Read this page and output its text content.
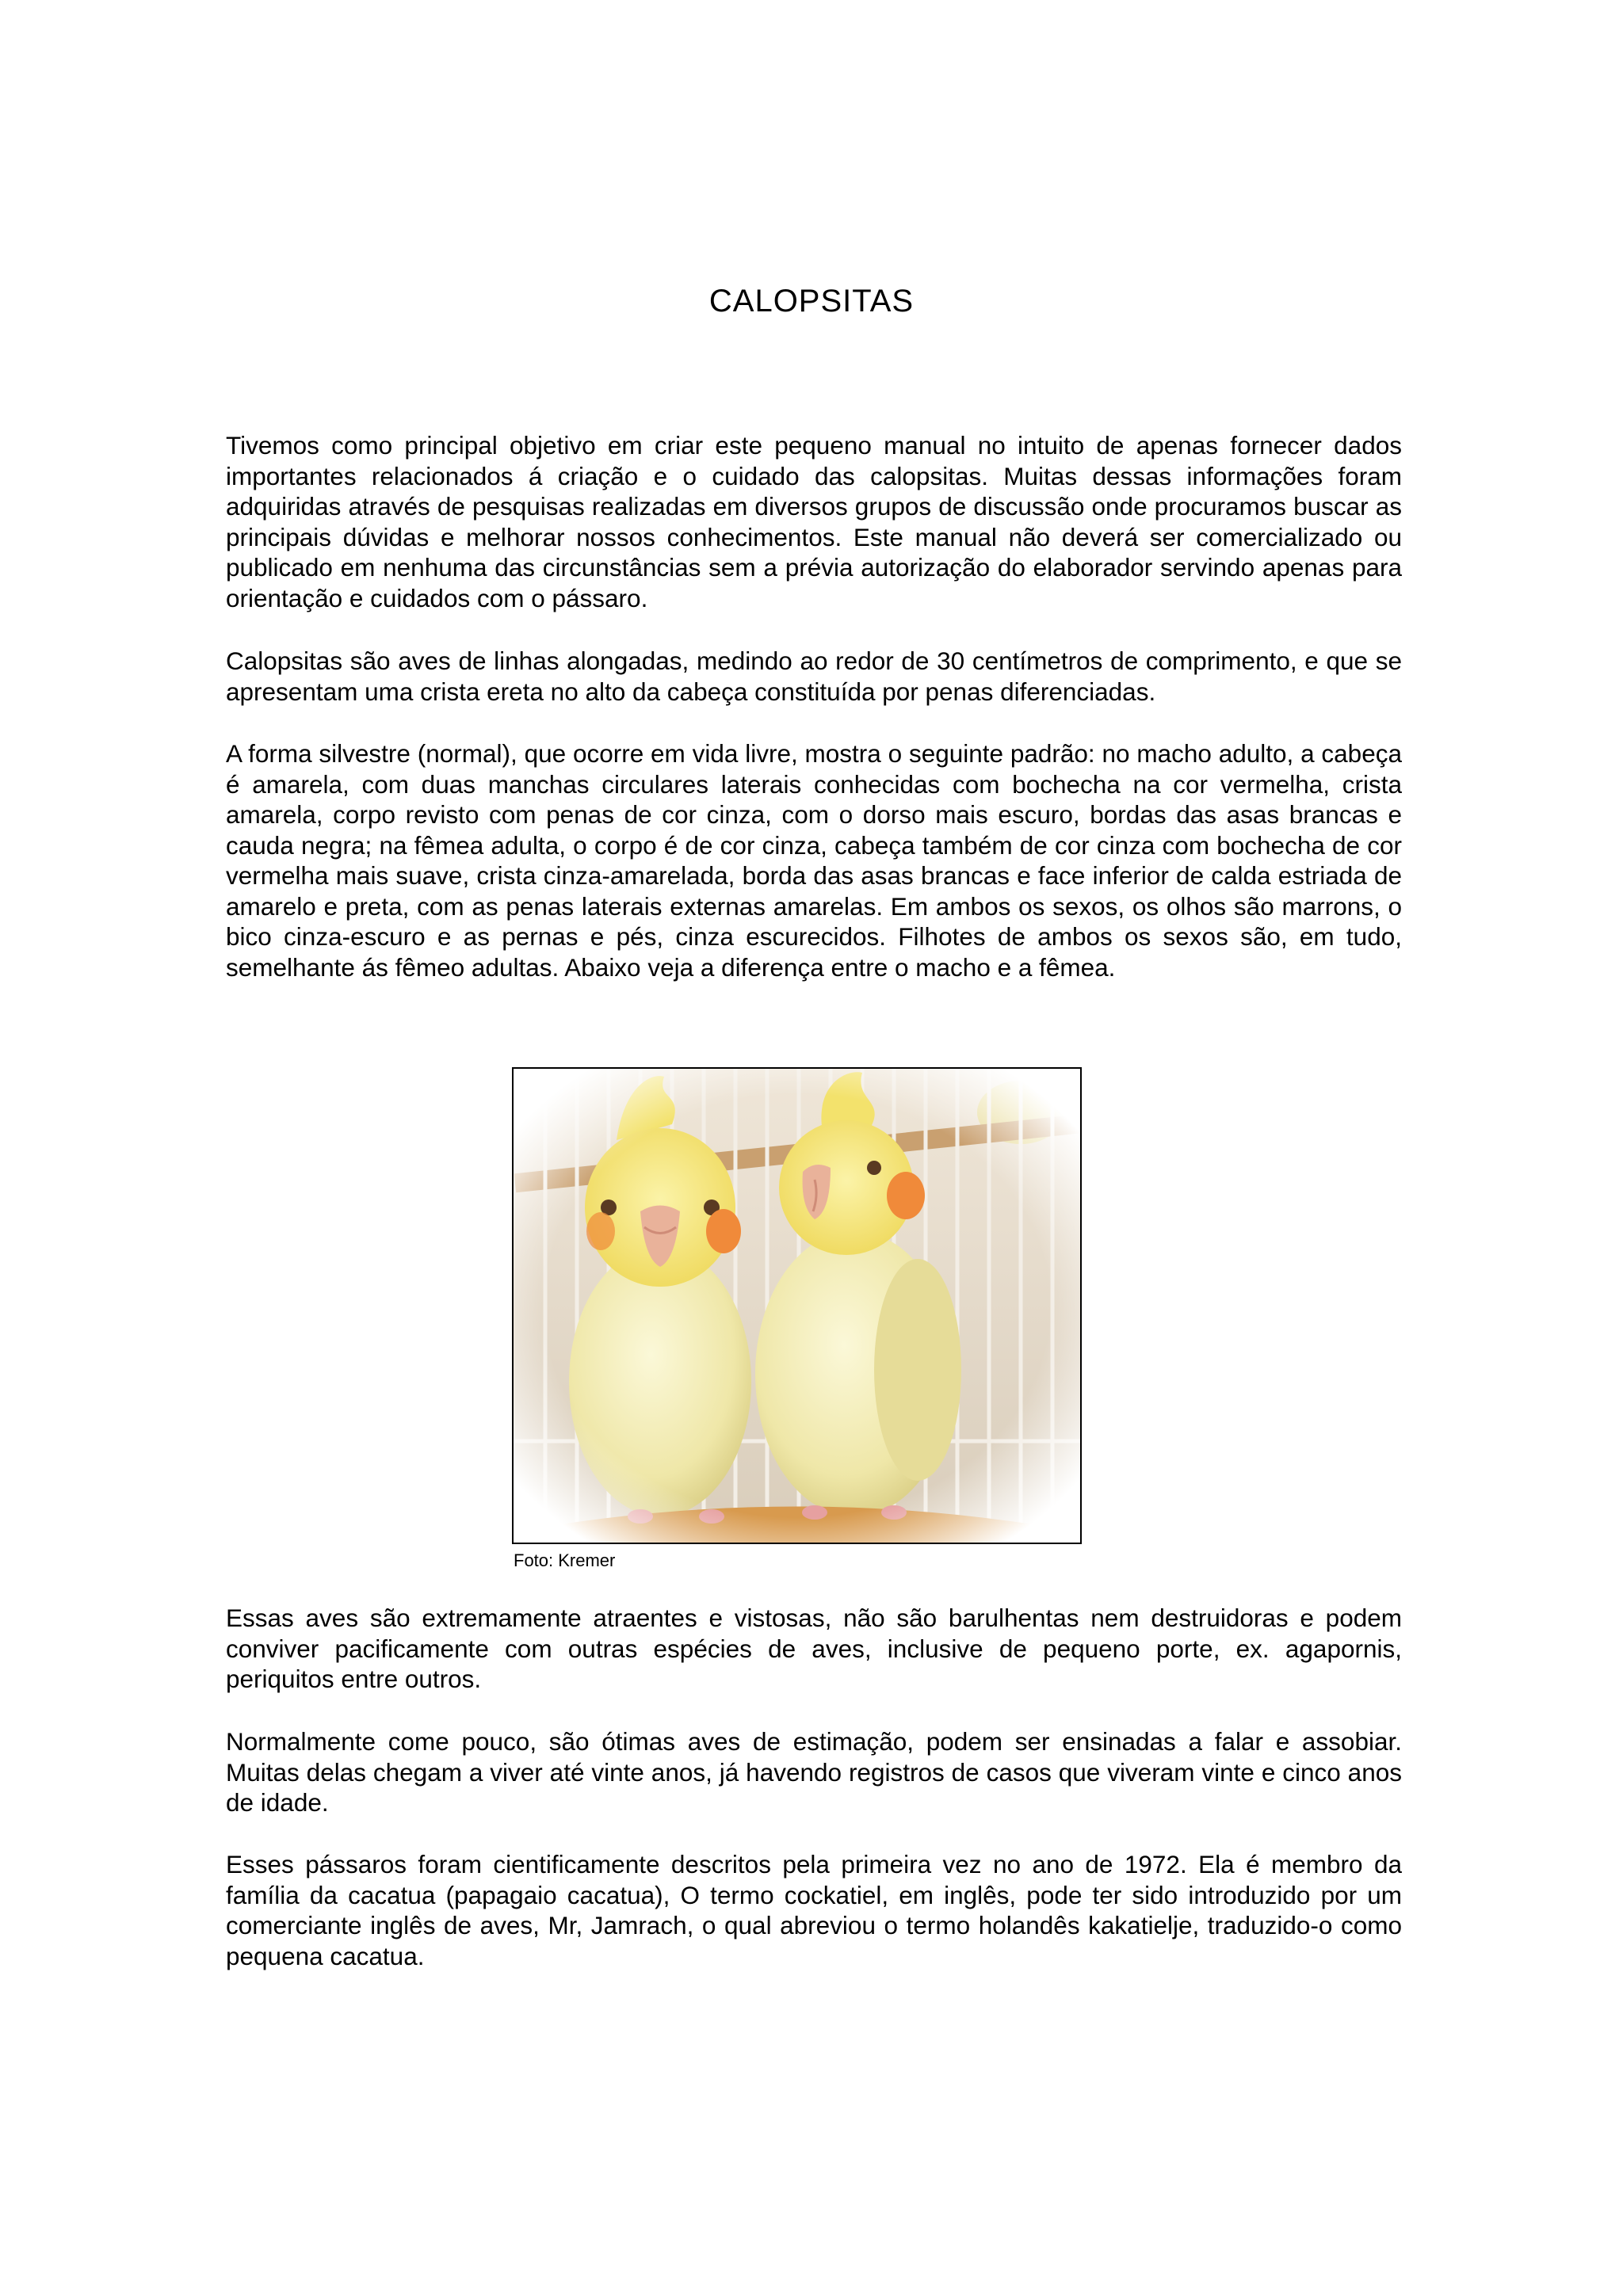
CALOPSITAS

Tivemos como principal objetivo em criar este pequeno manual no intuito de apenas fornecer dados importantes relacionados á criação e o cuidado das calopsitas. Muitas dessas informações foram adquiridas através de pesquisas realizadas em diversos grupos de discussão onde procuramos buscar as principais dúvidas e melhorar nossos conhecimentos. Este manual não deverá ser comercializado ou publicado em nenhuma das circunstâncias sem a prévia autorização do elaborador servindo apenas para orientação e cuidados com o pássaro.

Calopsitas são aves de linhas alongadas, medindo ao redor de 30 centímetros de comprimento, e que se apresentam uma crista ereta no alto da cabeça constituída por penas diferenciadas.

A forma silvestre (normal), que ocorre em vida livre, mostra o seguinte padrão: no macho adulto, a cabeça é amarela, com duas manchas circulares laterais conhecidas com bochecha na cor vermelha, crista amarela, corpo revisto com penas de cor cinza, com o dorso mais escuro, bordas das asas brancas e cauda negra; na fêmea adulta, o corpo é de cor cinza, cabeça também de cor cinza com bochecha de cor vermelha mais suave, crista cinza-amarelada, borda das asas brancas e face inferior de calda estriada de amarelo e preta, com as penas laterais externas amarelas. Em ambos os sexos, os olhos são marrons, o bico cinza-escuro e as pernas e pés, cinza escurecidos. Filhotes de ambos os sexos são, em tudo, semelhante ás fêmeo adultas. Abaixo veja a diferença entre o macho e a fêmea.

Foto: Kremer

Essas aves são extremamente atraentes e vistosas, não são barulhentas nem destruidoras e podem conviver pacificamente com outras espécies de aves, inclusive de pequeno porte, ex. agapornis, periquitos entre outros.

Normalmente come pouco, são ótimas aves de estimação, podem ser ensinadas a falar e assobiar. Muitas delas chegam a viver até vinte anos, já havendo registros de casos que viveram vinte e cinco anos de idade.

Esses pássaros foram cientificamente descritos pela primeira vez no ano de 1972. Ela é membro da família da cacatua (papagaio cacatua), O termo cockatiel, em inglês, pode ter sido introduzido por um comerciante inglês de aves, Mr, Jamrach, o qual abreviou o termo holandês kakatielje, traduzido-o como pequena cacatua.
